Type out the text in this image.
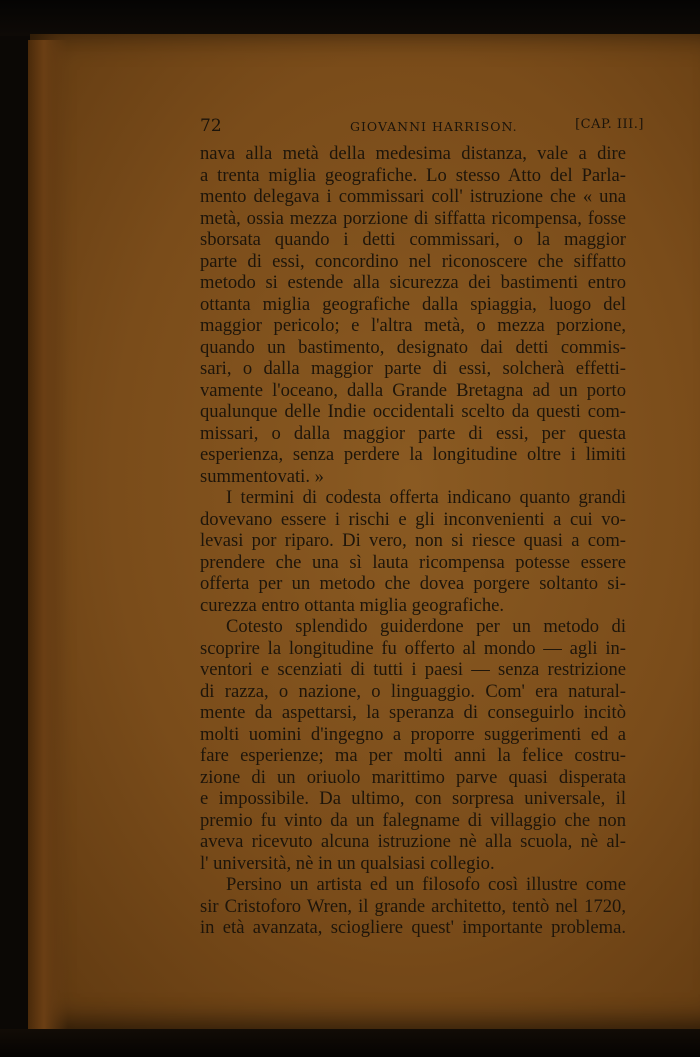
72	GIOVANNI HARRISON.	[CAP. III.]
nava alla metà della medesima distanza, vale a dire
a trenta miglia geografiche. Lo stesso Atto del Parla-
mento delegava i commissari coll' istruzione che « una
metà, ossia mezza porzione di siffatta ricompensa, fosse
sborsata quando i detti commissari, o la maggior
parte di essi, concordino nel riconoscere che siffatto
metodo si estende alla sicurezza dei bastimenti entro
ottanta miglia geografiche dalla spiaggia, luogo del
maggior pericolo; e l'altra metà, o mezza porzione,
quando un bastimento, designato dai detti commis-
sari, o dalla maggior parte di essi, solcherà effetti-
vamente l'oceano, dalla Grande Bretagna ad un porto
qualunque delle Indie occidentali scelto da questi com-
missari, o dalla maggior parte di essi, per questa
esperienza, senza perdere la longitudine oltre i limiti
summentovati. »
I termini di codesta offerta indicano quanto grandi
dovevano essere i rischi e gli inconvenienti a cui vo-
levasi por riparo. Di vero, non si riesce quasi a com-
prendere che una sì lauta ricompensa potesse essere
offerta per un metodo che dovea porgere soltanto si-
curezza entro ottanta miglia geografiche.
Cotesto splendido guiderdone per un metodo di
scoprire la longitudine fu offerto al mondo — agli in-
ventori e scenziati di tutti i paesi — senza restrizione
di razza, o nazione, o linguaggio. Com' era natural-
mente da aspettarsi, la speranza di conseguirlo incitò
molti uomini d'ingegno a proporre suggerimenti ed a
fare esperienze; ma per molti anni la felice costru-
zione di un oriuolo marittimo parve quasi disperata
e impossibile. Da ultimo, con sorpresa universale, il
premio fu vinto da un falegname di villaggio che non
aveva ricevuto alcuna istruzione nè alla scuola, nè al-
l' università, nè in un qualsiasi collegio.
Persino un artista ed un filosofo così illustre come
sir Cristoforo Wren, il grande architetto, tentò nel 1720,
in età avanzata, sciogliere quest' importante problema.
